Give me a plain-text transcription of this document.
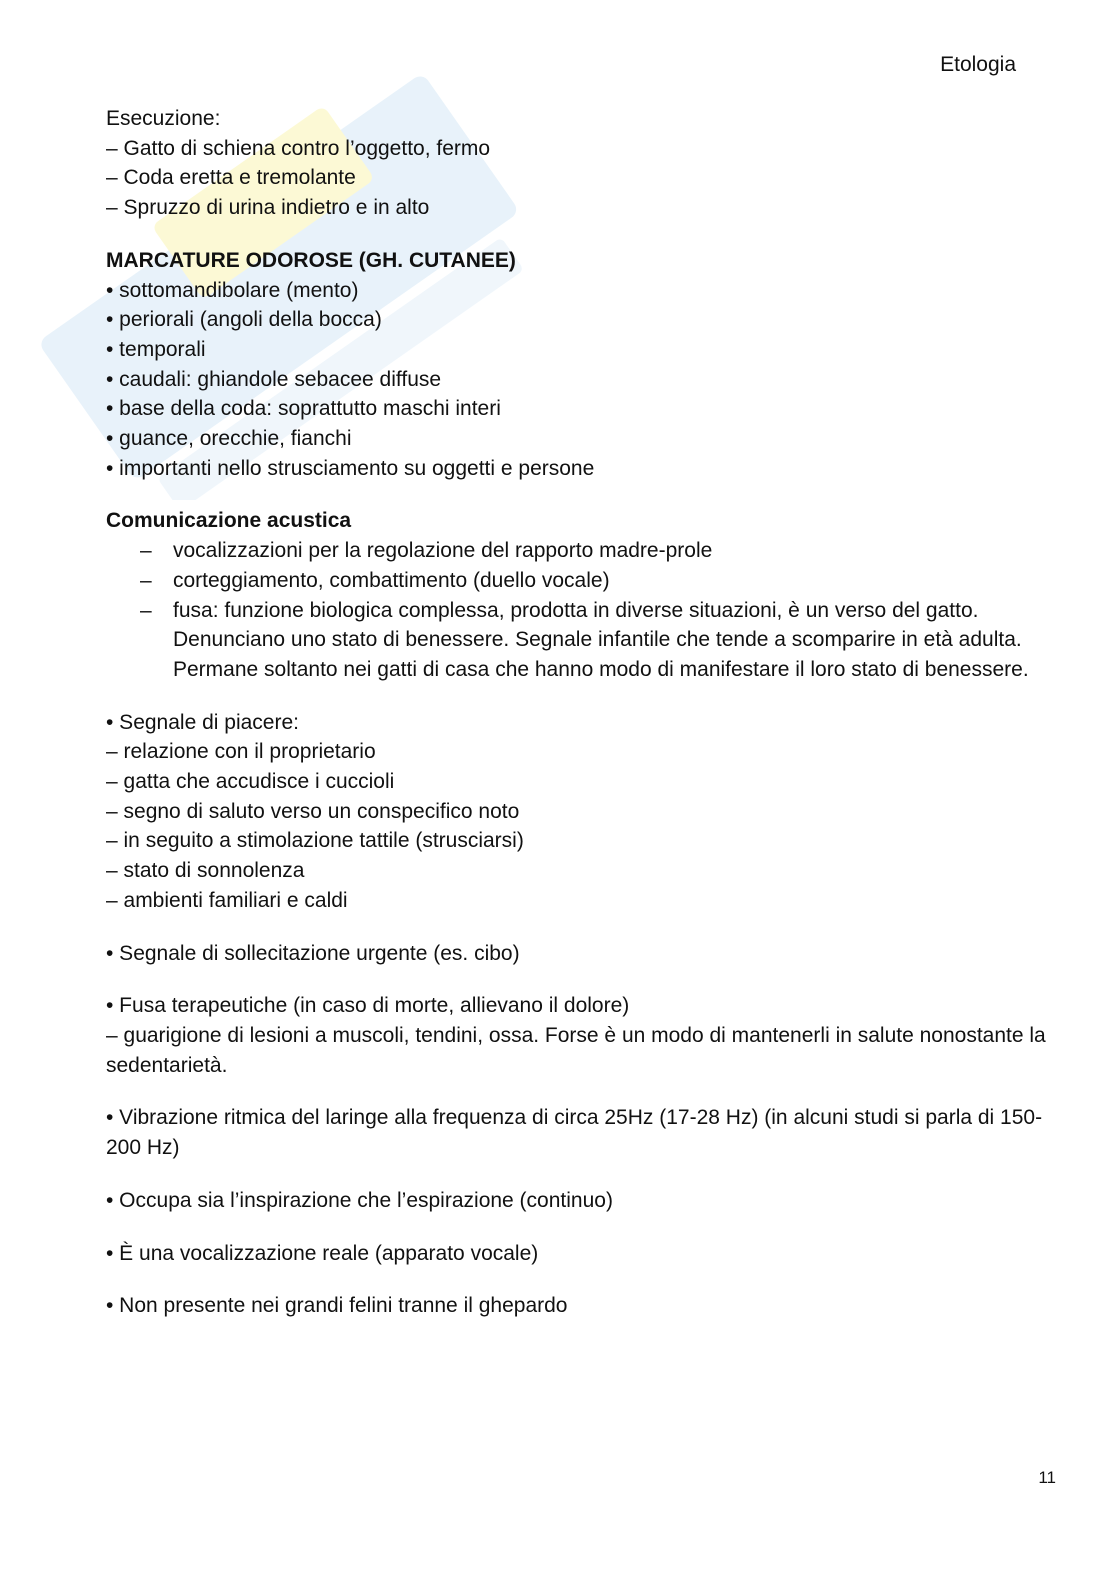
Etologia

Esecuzione:

– Gatto di schiena contro l’oggetto, fermo

– Coda eretta e tremolante

– Spruzzo di urina indietro e in alto

MARCATURE ODOROSE (GH. CUTANEE)

• sottomandibolare (mento)

• periorali (angoli della bocca)

• temporali

• caudali: ghiandole sebacee diffuse

• base della coda: soprattutto maschi interi

• guance, orecchie, fianchi

• importanti nello strusciamento su oggetti e persone

Comunicazione acustica

– vocalizzazioni per la regolazione del rapporto madre-prole
– corteggiamento, combattimento (duello vocale)
– fusa: funzione biologica complessa, prodotta in diverse situazioni, è un verso del gatto. Denunciano uno stato di benessere. Segnale infantile che tende a scomparire in età adulta. Permane soltanto nei gatti di casa che hanno modo di manifestare il loro stato di benessere.

• Segnale di piacere:

– relazione con il proprietario

– gatta che accudisce i cuccioli

– segno di saluto verso un conspecifico noto

– in seguito a stimolazione tattile (strusciarsi)

– stato di sonnolenza

– ambienti familiari e caldi

• Segnale di sollecitazione urgente (es. cibo)

• Fusa terapeutiche (in caso di morte, allievano il dolore)

– guarigione di lesioni a muscoli, tendini, ossa. Forse è un modo di mantenerli in salute nonostante la sedentarietà.

• Vibrazione ritmica del laringe alla frequenza di circa 25Hz (17-28 Hz) (in alcuni studi si parla di 150-200 Hz)

• Occupa sia l’inspirazione che l’espirazione (continuo)

• È una vocalizzazione reale (apparato vocale)

• Non presente nei grandi felini tranne il ghepardo

11
